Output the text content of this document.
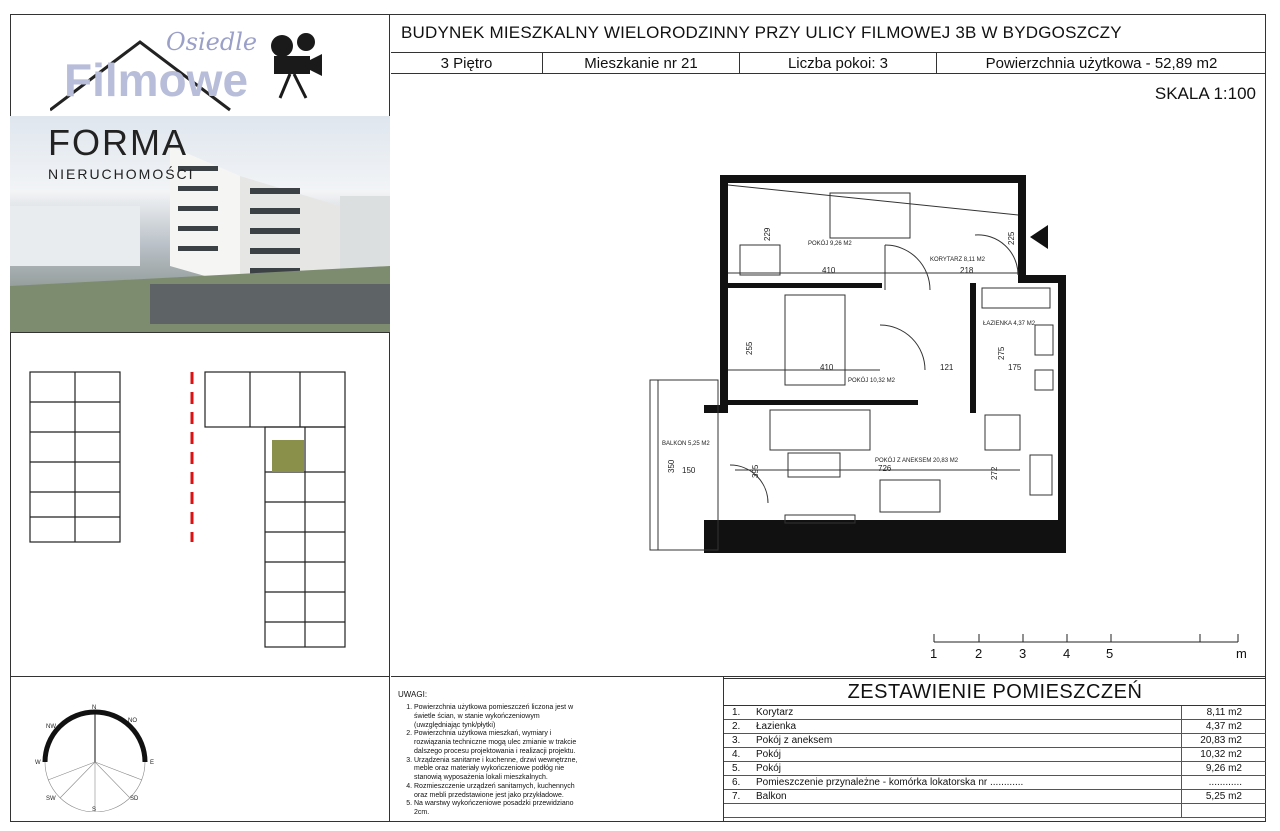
BUDYNEK MIESZKALNY WIELORODZINNY PRZY ULICY FILMOWEJ 3B W BYDGOSZCZY
3 Piętro	Mieszkanie nr 21	Liczba pokoi: 3	Powierzchnia użytkowa - 52,89 m2
SKALA 1:100
Osiedle
Filmowe
FORMA
NIERUCHOMOŚCI
POKÓJ 9,26 M2
KORYTARZ 8,11 M2
ŁAZIENKA 4,37 M2
POKÓJ 10,32 M2
POKÓJ Z ANEKSEM 20,83 M2
BALKON 5,25 M2
410
229
218
225
255
410	121
275
175
395	726	272
350 150
1	2	3	4	5	m
N
NO
NW
W	E
SW	SD
S
UWAGI:
1. Powierzchnia użytkowa pomieszczeń liczona jest w świetle ścian, w stanie wykończeniowym (uwzględniając tynk/płytki)
2. Powierzchnia użytkowa mieszkań, wymiary i rozwiązania techniczne mogą ulec zmianie w trakcie dalszego procesu projektowania i realizacji projektu.
3. Urządzenia sanitarne i kuchenne, drzwi wewnętrzne, meble oraz materiały wykończeniowe podłóg nie stanowią wyposażenia lokali mieszkalnych.
4. Rozmieszczenie urządzeń sanitarnych, kuchennych oraz mebli przedstawione jest jako przykładowe.
5. Na warstwy wykończeniowe posadzki przewidziano 2cm.
ZESTAWIENIE POMIESZCZEŃ
1.	Korytarz	8,11 m2
2.	Łazienka	4,37 m2
3.	Pokój z aneksem	20,83 m2
4.	Pokój	10,32 m2
5.	Pokój	9,26 m2
6.	Pomieszczenie przynależne - komórka lokatorska nr ............	............
7.	Balkon	5,25 m2
